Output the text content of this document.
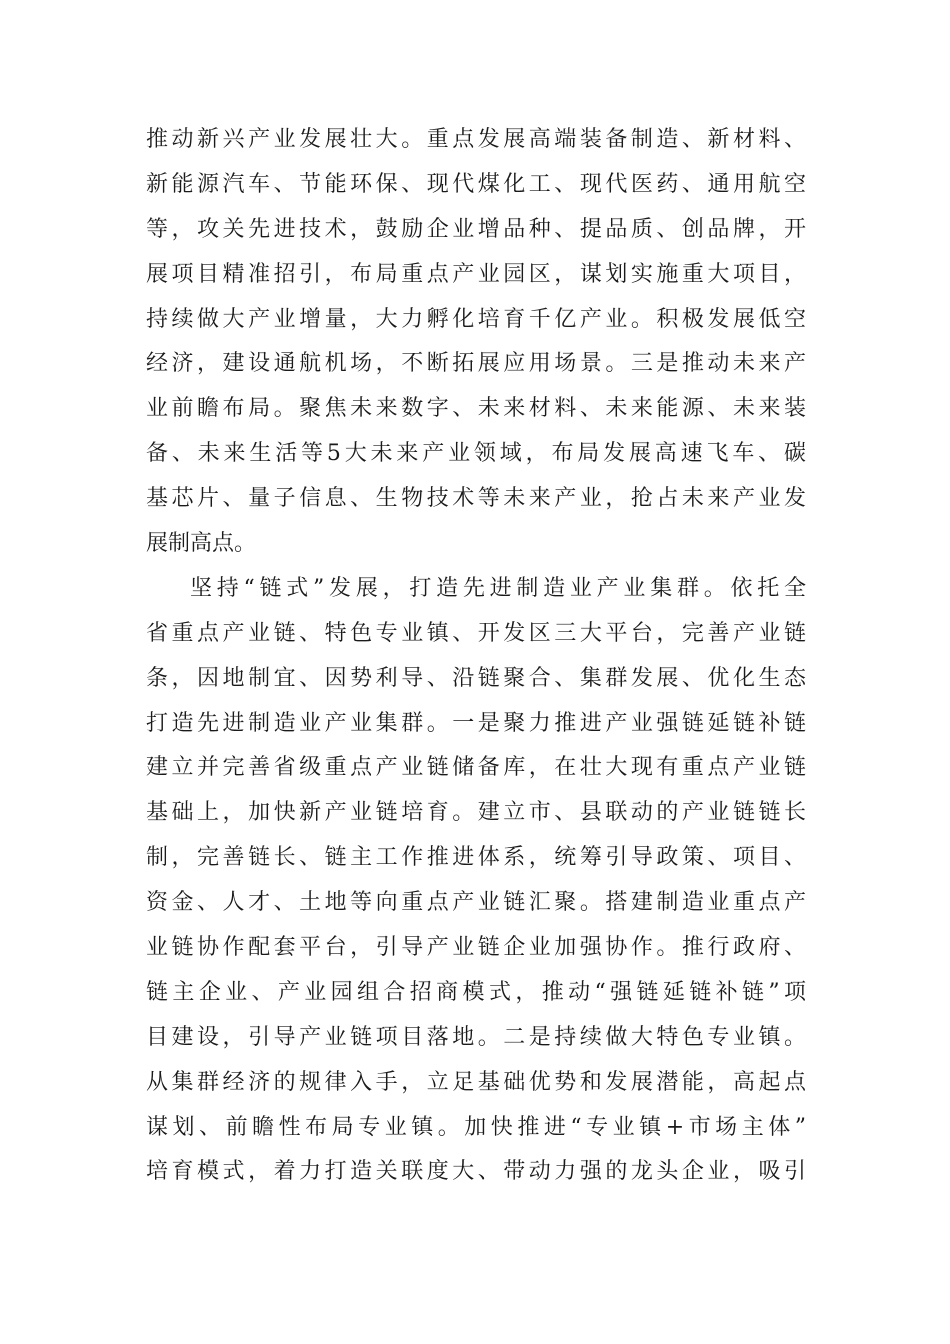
推动新兴产业发展壮大。重点发展高端装备制造、新材料、
新能源汽车、节能环保、现代煤化工、现代医药、通用航空
等，攻关先进技术，鼓励企业增品种、提品质、创品牌，开
展项目精准招引，布局重点产业园区，谋划实施重大项目，
持续做大产业增量，大力孵化培育千亿产业。积极发展低空
经济，建设通航机场，不断拓展应用场景。三是推动未来产
业前瞻布局。聚焦未来数字、未来材料、未来能源、未来装
备、未来生活等5大未来产业领域，布局发展高速飞车、碳
基芯片、量子信息、生物技术等未来产业，抢占未来产业发
展制高点。
坚持“链式”发展，打造先进制造业产业集群。依托全
省重点产业链、特色专业镇、开发区三大平台，完善产业链
条，因地制宜、因势利导、沿链聚合、集群发展、优化生态
打造先进制造业产业集群。一是聚力推进产业强链延链补链
建立并完善省级重点产业链储备库，在壮大现有重点产业链
基础上，加快新产业链培育。建立市、县联动的产业链链长
制，完善链长、链主工作推进体系，统筹引导政策、项目、
资金、人才、土地等向重点产业链汇聚。搭建制造业重点产
业链协作配套平台，引导产业链企业加强协作。推行政府、
链主企业、产业园组合招商模式，推动“强链延链补链”项
目建设，引导产业链项目落地。二是持续做大特色专业镇。
从集群经济的规律入手，立足基础优势和发展潜能，高起点
谋划、前瞻性布局专业镇。加快推进“专业镇+市场主体”
培育模式，着力打造关联度大、带动力强的龙头企业，吸引
